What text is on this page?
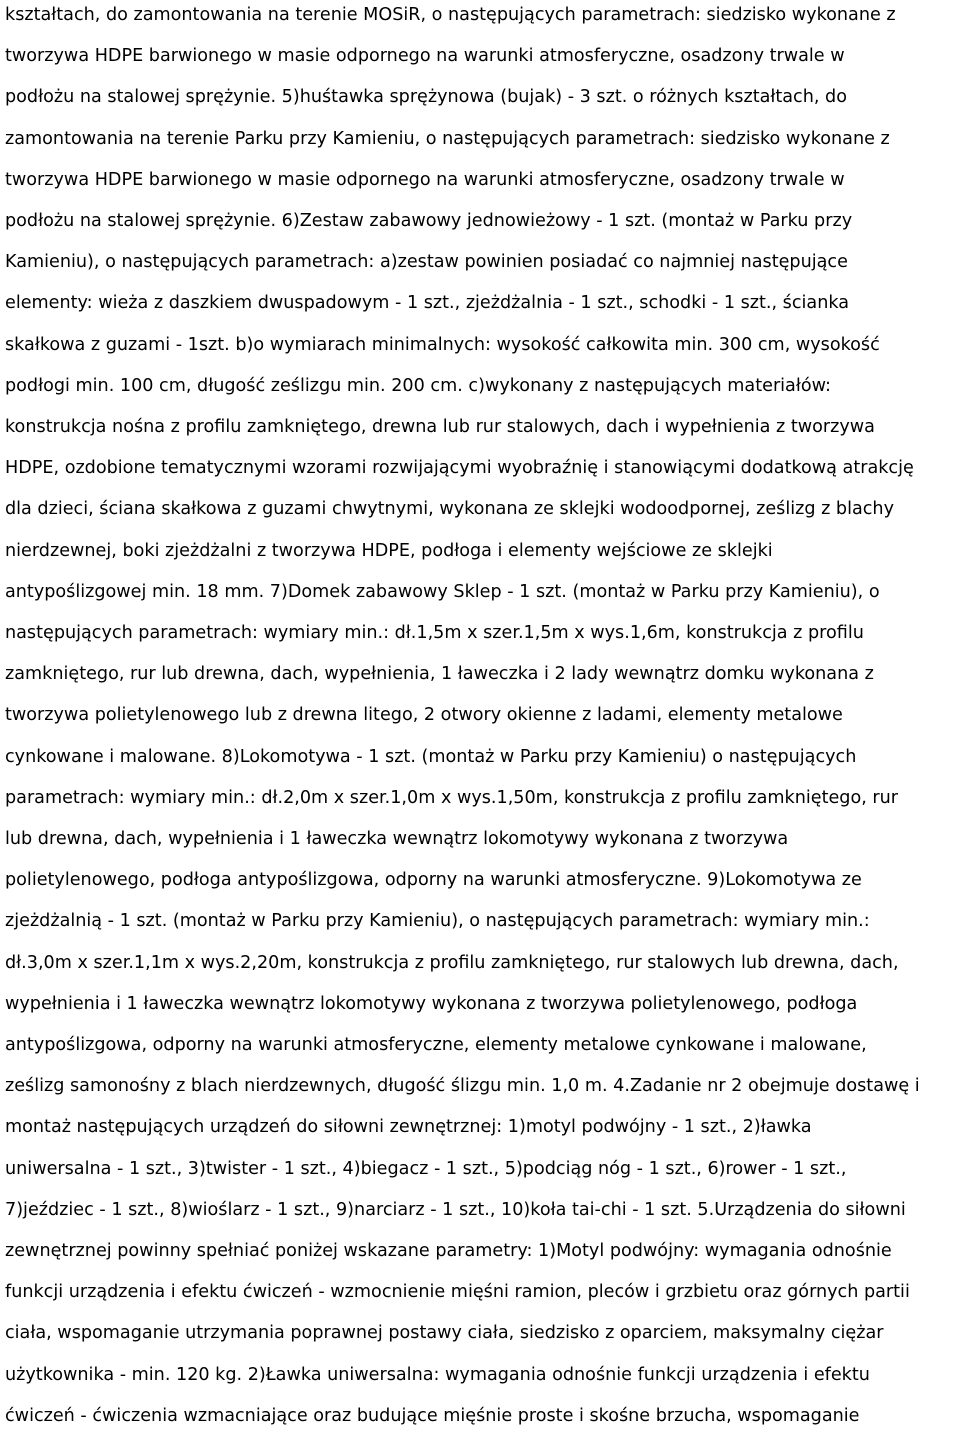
kształtach, do zamontowania na terenie MOSiR, o następujących parametrach: siedzisko wykonane z
tworzywa HDPE barwionego w masie odpornego na warunki atmosferyczne, osadzony trwale w
podłożu na stalowej sprężynie. 5)huśtawka sprężynowa (bujak) - 3 szt. o różnych kształtach, do
zamontowania na terenie Parku przy Kamieniu, o następujących parametrach: siedzisko wykonane z
tworzywa HDPE barwionego w masie odpornego na warunki atmosferyczne, osadzony trwale w
podłożu na stalowej sprężynie. 6)Zestaw zabawowy jednowieżowy - 1 szt. (montaż w Parku przy
Kamieniu), o następujących parametrach: a)zestaw powinien posiadać co najmniej następujące
elementy: wieża z daszkiem dwuspadowym - 1 szt., zjeżdżalnia - 1 szt., schodki - 1 szt., ścianka
skałkowa z guzami - 1szt. b)o wymiarach minimalnych: wysokość całkowita min. 300 cm, wysokość
podłogi min. 100 cm, długość ześlizgu min. 200 cm. c)wykonany z następujących materiałów:
konstrukcja nośna z profilu zamkniętego, drewna lub rur stalowych, dach i wypełnienia z tworzywa
HDPE, ozdobione tematycznymi wzorami rozwijającymi wyobraźnię i stanowiącymi dodatkową atrakcję
dla dzieci, ściana skałkowa z guzami chwytnymi, wykonana ze sklejki wodoodpornej, ześlizg z blachy
nierdzewnej, boki zjeżdżalni z tworzywa HDPE, podłoga i elementy wejściowe ze sklejki
antypoślizgowej min. 18 mm. 7)Domek zabawowy Sklep - 1 szt. (montaż w Parku przy Kamieniu), o
następujących parametrach: wymiary min.: dł.1,5m x szer.1,5m x wys.1,6m, konstrukcja z profilu
zamkniętego, rur lub drewna, dach, wypełnienia, 1 ławeczka i 2 lady wewnątrz domku wykonana z
tworzywa polietylenowego lub z drewna litego, 2 otwory okienne z ladami, elementy metalowe
cynkowane i malowane. 8)Lokomotywa - 1 szt. (montaż w Parku przy Kamieniu) o następujących
parametrach: wymiary min.: dł.2,0m x szer.1,0m x wys.1,50m, konstrukcja z profilu zamkniętego, rur
lub drewna, dach, wypełnienia i 1 ławeczka wewnątrz lokomotywy wykonana z tworzywa
polietylenowego, podłoga antypoślizgowa, odporny na warunki atmosferyczne. 9)Lokomotywa ze
zjeżdżalnią - 1 szt. (montaż w Parku przy Kamieniu), o następujących parametrach: wymiary min.:
dł.3,0m x szer.1,1m x wys.2,20m, konstrukcja z profilu zamkniętego, rur stalowych lub drewna, dach,
wypełnienia i 1 ławeczka wewnątrz lokomotywy wykonana z tworzywa polietylenowego, podłoga
antypoślizgowa, odporny na warunki atmosferyczne, elementy metalowe cynkowane i malowane,
ześlizg samonośny z blach nierdzewnych, długość ślizgu min. 1,0 m. 4.Zadanie nr 2 obejmuje dostawę i
montaż następujących urządzeń do siłowni zewnętrznej: 1)motyl podwójny - 1 szt., 2)ławka
uniwersalna - 1 szt., 3)twister - 1 szt., 4)biegacz - 1 szt., 5)podciąg nóg - 1 szt., 6)rower - 1 szt.,
7)jeździec - 1 szt., 8)wioślarz - 1 szt., 9)narciarz - 1 szt., 10)koła tai-chi - 1 szt. 5.Urządzenia do siłowni
zewnętrznej powinny spełniać poniżej wskazane parametry: 1)Motyl podwójny: wymagania odnośnie
funkcji urządzenia i efektu ćwiczeń - wzmocnienie mięśni ramion, pleców i grzbietu oraz górnych partii
ciała, wspomaganie utrzymania poprawnej postawy ciała, siedzisko z oparciem, maksymalny ciężar
użytkownika - min. 120 kg. 2)Ławka uniwersalna: wymagania odnośnie funkcji urządzenia i efektu
ćwiczeń - ćwiczenia wzmacniające oraz budujące mięśnie proste i skośne brzucha, wspomaganie
